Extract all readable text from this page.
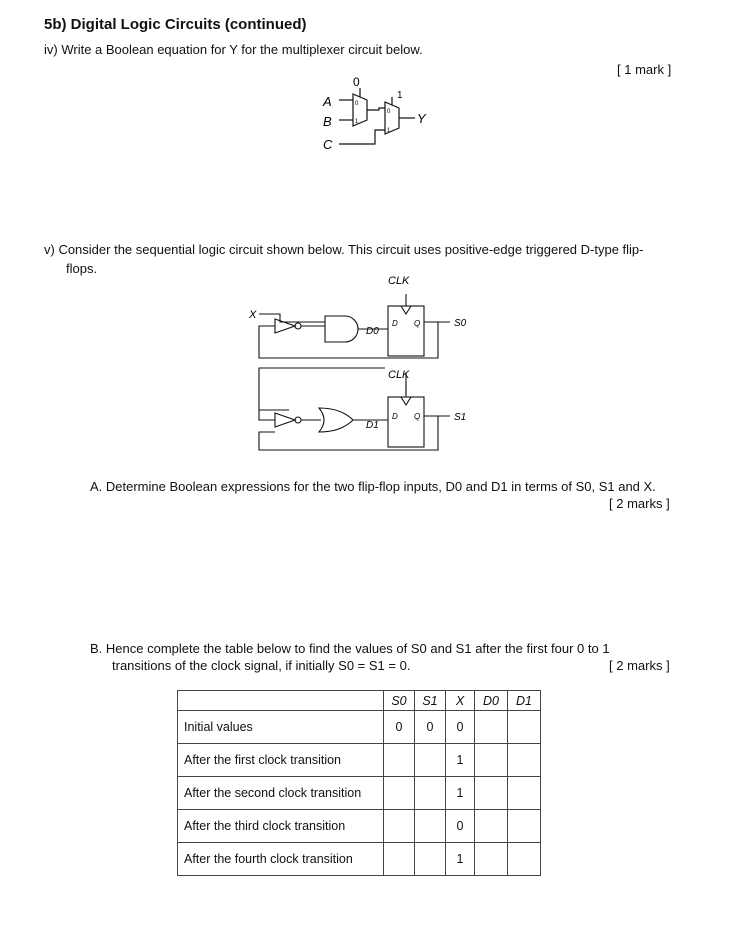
5b) Digital Logic Circuits (continued)
iv) Write a Boolean equation for Y for the multiplexer circuit below.
[ 1 mark ]
0
1
A
B
C
Y
0
1
0
1
v) Consider the sequential logic circuit shown below. This circuit uses positive-edge triggered D-type flip-
flops.
CLK
CLK
X
D0
D1
D Q
D Q
S0
S1
A. Determine Boolean expressions for the two flip-flop inputs, D0 and D1 in terms of S0, S1 and X.
[ 2 marks ]
B. Hence complete the table below to find the values of S0 and S1 after the first four 0 to 1
transitions of the clock signal, if initially S0 = S1 = 0.	[ 2 marks ]
	S0	S1	X	D0	D1
Initial values	0	0	0		
After the first clock transition			1		
After the second clock transition			1		
After the third clock transition			0		
After the fourth clock transition			1		
